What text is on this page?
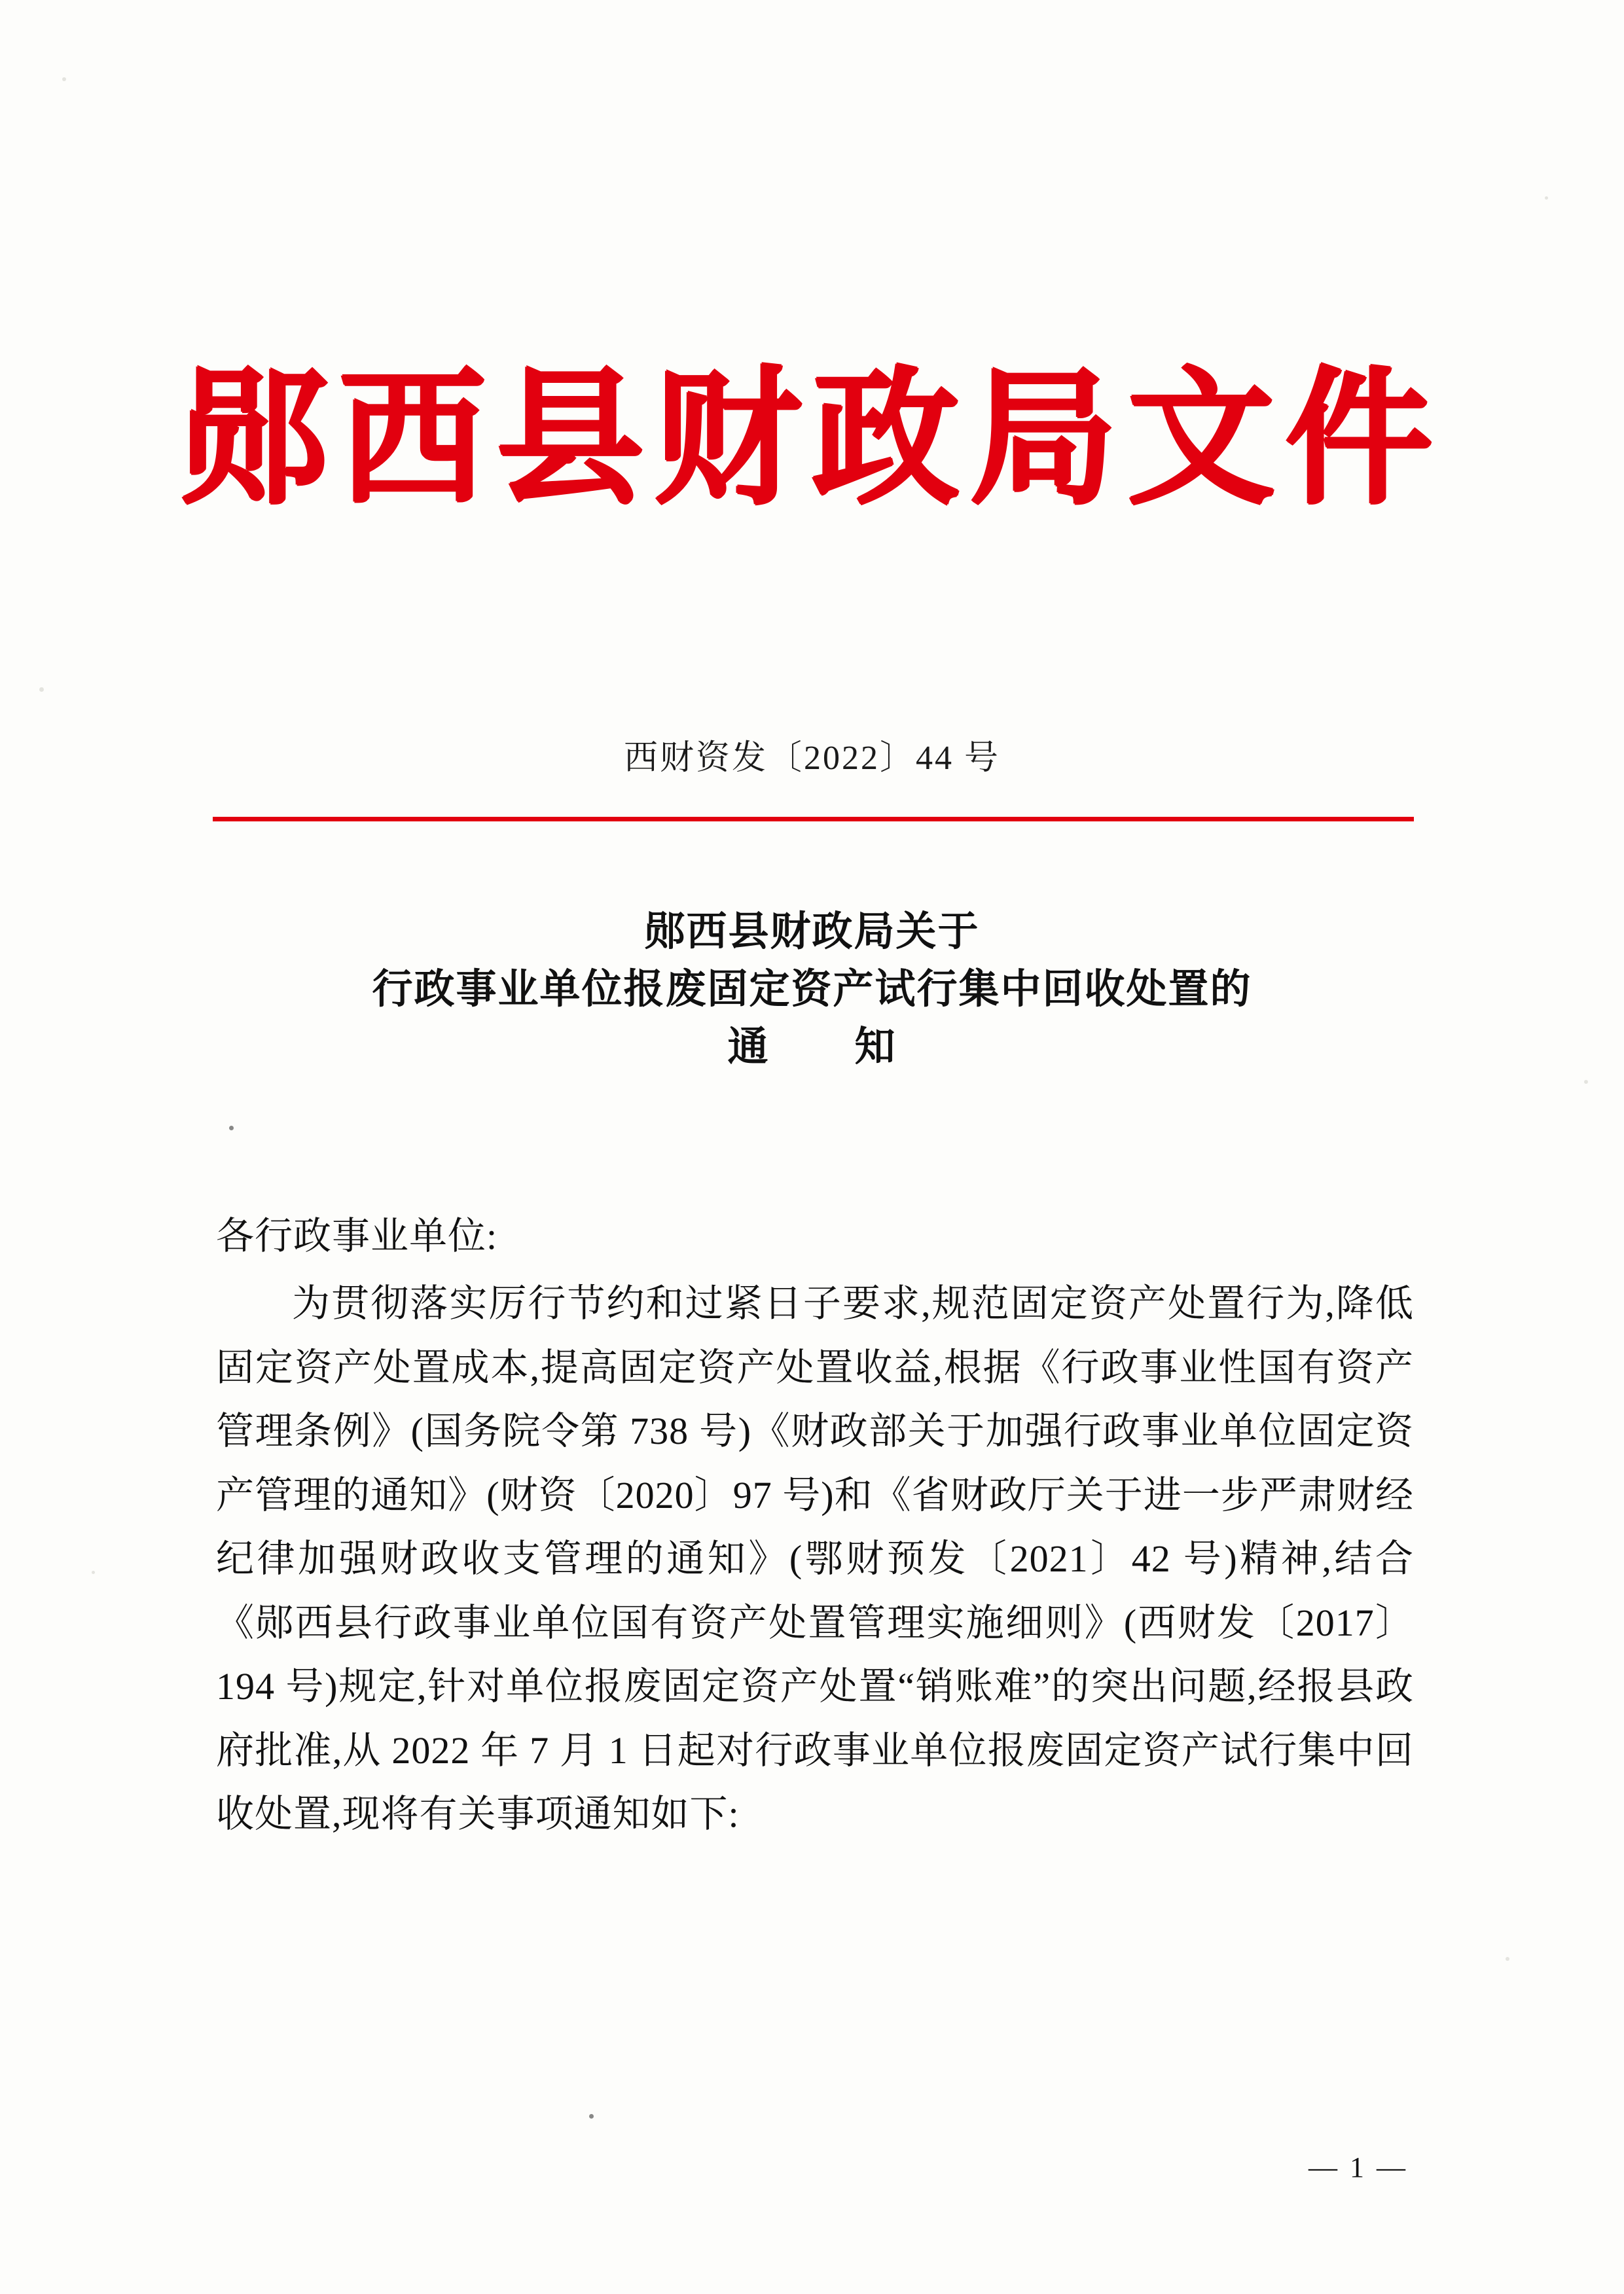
郧西县财政局文件
西财资发〔2022〕44 号
郧西县财政局关于
行政事业单位报废固定资产试行集中回收处置的
通 知

各行政事业单位:

为贯彻落实厉行节约和过紧日子要求,规范固定资产处置行为,降低固定资产处置成本,提高固定资产处置收益,根据《行政事业性国有资产管理条例》(国务院令第 738 号)《财政部关于加强行政事业单位固定资产管理的通知》(财资〔2020〕97 号)和《省财政厅关于进一步严肃财经纪律加强财政收支管理的通知》(鄂财预发〔2021〕42 号)精神,结合《郧西县行政事业单位国有资产处置管理实施细则》(西财发〔2017〕194 号)规定,针对单位报废固定资产处置“销账难”的突出问题,经报县政府批准,从 2022 年 7 月 1 日起对行政事业单位报废固定资产试行集中回收处置,现将有关事项通知如下:

— 1 —
